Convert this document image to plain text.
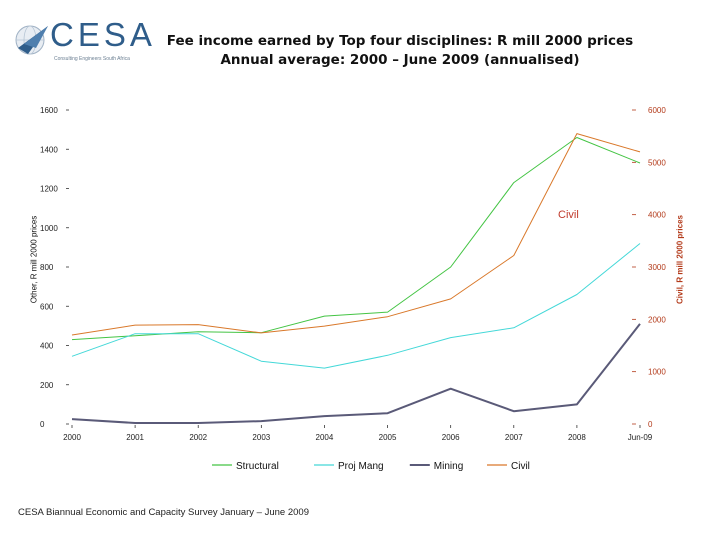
CESA
Consulting Engineers South Africa
Fee income earned by Top four disciplines: R mill 2000 prices
Annual average: 2000 – June 2009 (annualised)
Other, R mill 2000 prices	Civil, R mill 2000 prices
0
200
400
600
800
1000
1200
1400
1600
0
1000
2000
3000
4000
5000
6000
2000	2001	2002	2003	2004	2005	2006	2007	2008	Jun-09
Civil
Structural	Proj Mang	Mining	Civil
CESA Biannual Economic and Capacity Survey January – June 2009
